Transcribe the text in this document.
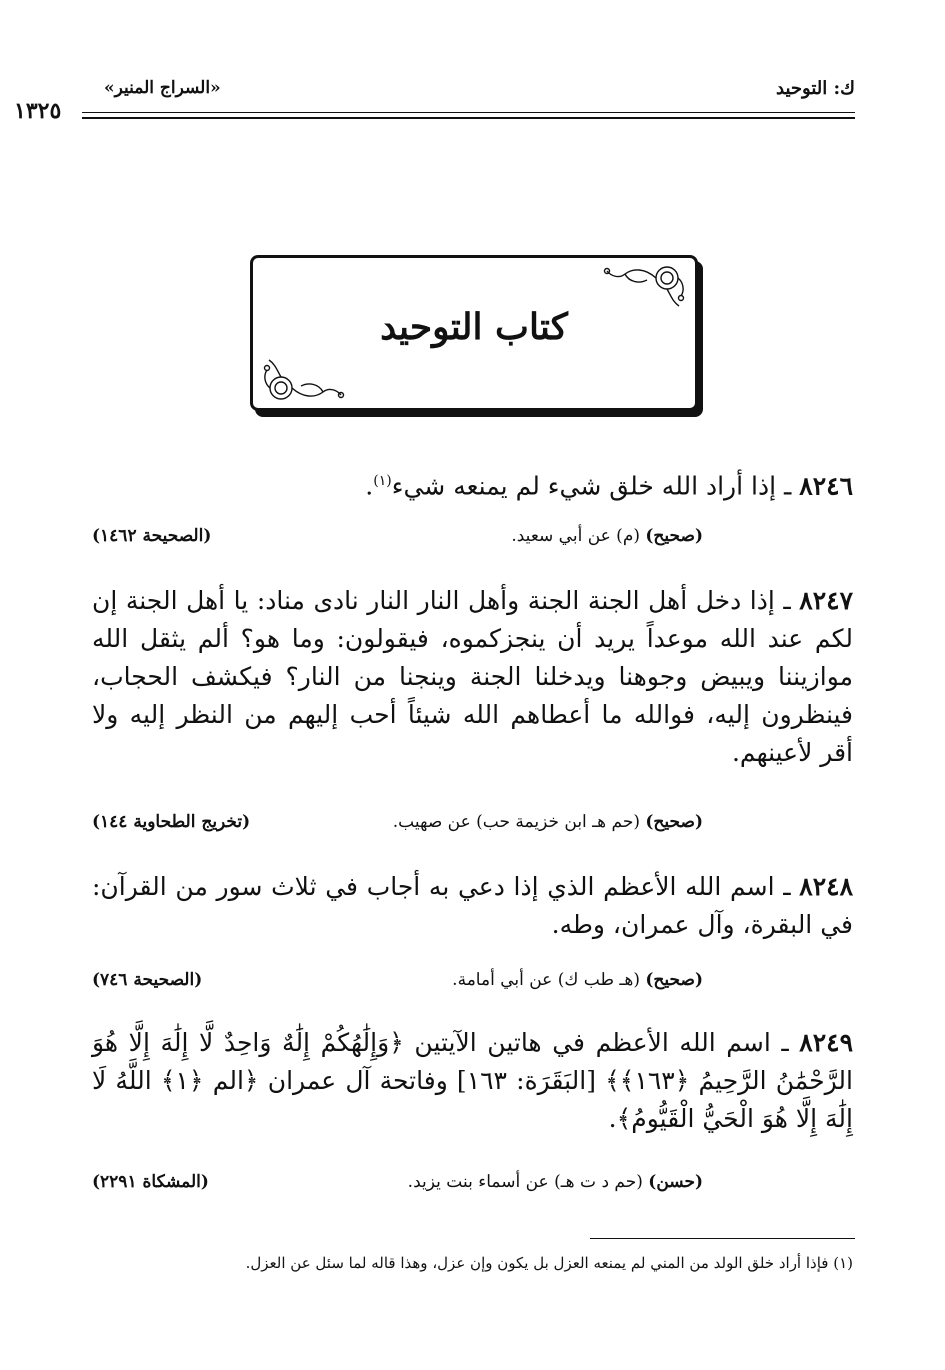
«السراج المنير»
١٣٢٥
ك: التوحيد
كتاب التوحيد
٨٢٤٦ ـ إذا أراد الله خلق شيء لم يمنعه شيء$^{(١)}$.
(صحيح) (م) عن أبي سعيد.
(الصحيحة ١٤٦٢)
٨٢٤٧ ـ إذا دخل أهل الجنة الجنة وأهل النار النار نادى مناد: يا أهل الجنة إن لكم عند الله موعداً يريد أن ينجزكموه، فيقولون: وما هو؟ ألم يثقل الله موازيننا ويبيض وجوهنا ويدخلنا الجنة وينجنا من النار؟ فيكشف الحجاب، فينظرون إليه، فوالله ما أعطاهم الله شيئاً أحب إليهم من النظر إليه ولا أقر لأعينهم.
(صحيح) (حم هـ ابن خزيمة حب) عن صهيب.
(تخريج الطحاوية ١٤٤)
٨٢٤٨ ـ اسم الله الأعظم الذي إذا دعي به أجاب في ثلاث سور من القرآن: في البقرة، وآل عمران، وطه.
(صحيح) (هـ طب ك) عن أبي أمامة.
(الصحيحة ٧٤٦)
٨٢٤٩ ـ اسم الله الأعظم في هاتين الآيتين ﴿وَإِلَٰهُكُمْ إِلَٰهٌ وَاحِدٌ لَّا إِلَٰهَ إِلَّا هُوَ الرَّحْمَٰنُ الرَّحِيمُ ﴿١٦٣﴾﴾ [البَقَرَة: ١٦٣] وفاتحة آل عمران ﴿الم ﴿١﴾ اللَّهُ لَا إِلَٰهَ إِلَّا هُوَ الْحَيُّ الْقَيُّومُ﴾.
(حسن) (حم د ت هـ) عن أسماء بنت يزيد.
(المشكاة ٢٢٩١)
(١) فإذا أراد خلق الولد من المني لم يمنعه العزل بل يكون وإن عزل، وهذا قاله لما سئل عن العزل.
